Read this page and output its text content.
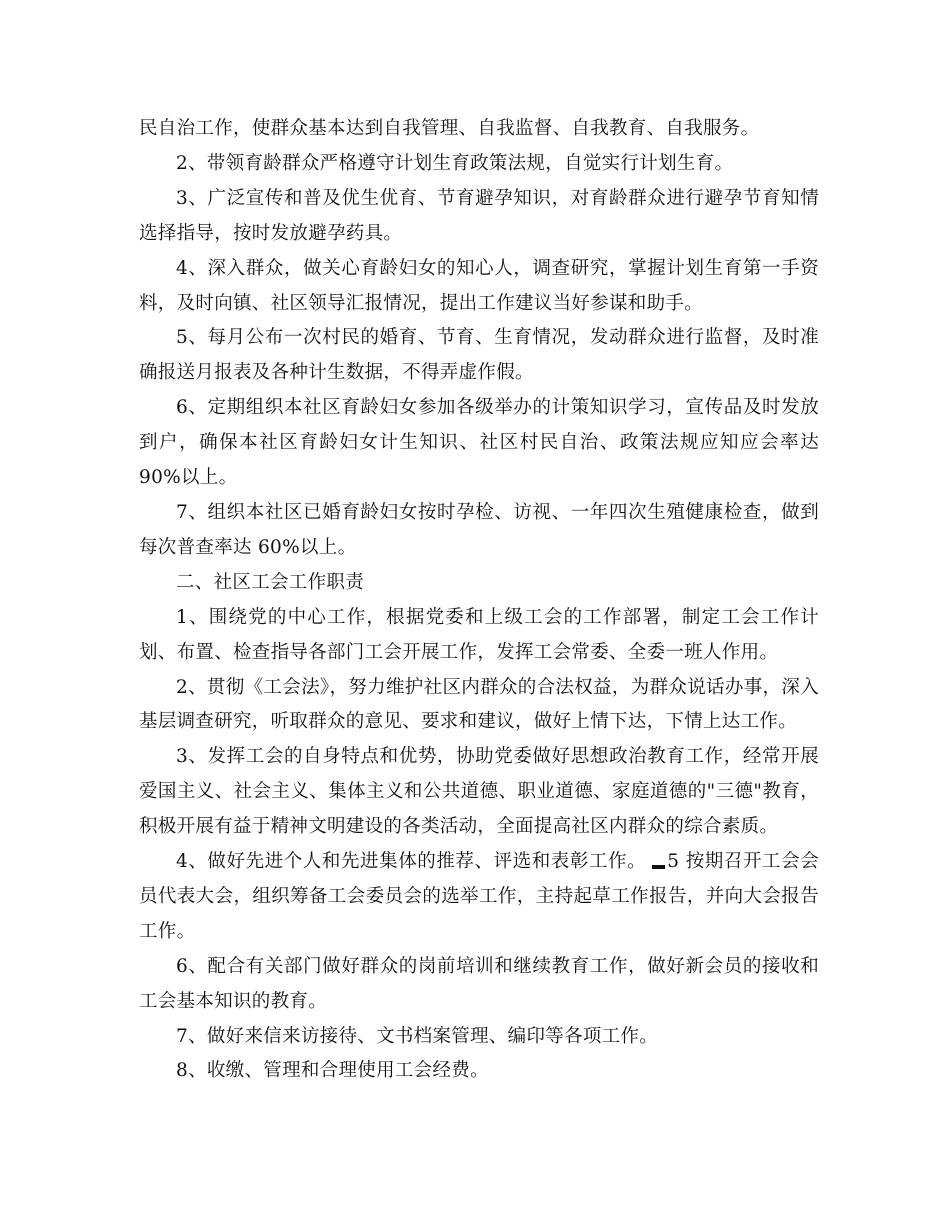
民自治工作，使群众基本达到自我管理、自我监督、自我教育、自我服务。

2、带领育龄群众严格遵守计划生育政策法规，自觉实行计划生育。

3、广泛宣传和普及优生优育、节育避孕知识，对育龄群众进行避孕节育知情选择指导，按时发放避孕药具。

4、深入群众，做关心育龄妇女的知心人，调查研究，掌握计划生育第一手资料，及时向镇、社区领导汇报情况，提出工作建议当好参谋和助手。

5、每月公布一次村民的婚育、节育、生育情况，发动群众进行监督，及时准确报送月报表及各种计生数据，不得弄虚作假。

6、定期组织本社区育龄妇女参加各级举办的计策知识学习，宣传品及时发放到户，确保本社区育龄妇女计生知识、社区村民自治、政策法规应知应会率达 90%以上。

7、组织本社区已婚育龄妇女按时孕检、访视、一年四次生殖健康检查，做到每次普查率达 60%以上。

二、社区工会工作职责

1、围绕党的中心工作，根据党委和上级工会的工作部署，制定工会工作计划、布置、检查指导各部门工会开展工作，发挥工会常委、全委一班人作用。

2、贯彻《工会法》，努力维护社区内群众的合法权益，为群众说话办事，深入基层调查研究，听取群众的意见、要求和建议，做好上情下达，下情上达工作。

3、发挥工会的自身特点和优势，协助党委做好思想政治教育工作，经常开展爱国主义、社会主义、集体主义和公共道德、职业道德、家庭道德的"三德"教育，积极开展有益于精神文明建设的各类活动，全面提高社区内群众的综合素质。

4、做好先进个人和先进集体的推荐、评选和表彰工作。 5 按期召开工会会员代表大会，组织筹备工会委员会的选举工作，主持起草工作报告，并向大会报告工作。

6、配合有关部门做好群众的岗前培训和继续教育工作，做好新会员的接收和工会基本知识的教育。

7、做好来信来访接待、文书档案管理、编印等各项工作。

8、收缴、管理和合理使用工会经费。
